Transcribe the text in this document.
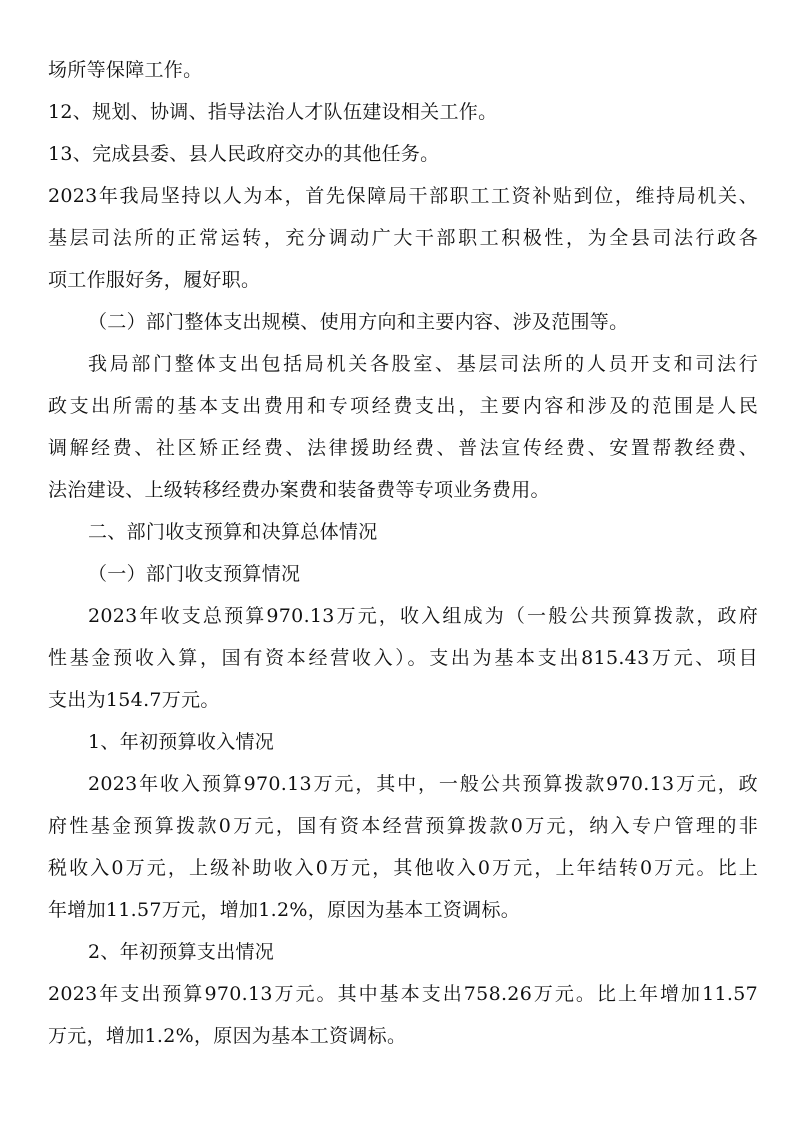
场所等保障工作。
12、规划、协调、指导法治人才队伍建设相关工作。
13、完成县委、县人民政府交办的其他任务。
2023年我局坚持以人为本，首先保障局干部职工工资补贴到位，维持局机关、
基层司法所的正常运转，充分调动广大干部职工积极性，为全县司法行政各
项工作服好务，履好职。
（二）部门整体支出规模、使用方向和主要内容、涉及范围等。
我局部门整体支出包括局机关各股室、基层司法所的人员开支和司法行
政支出所需的基本支出费用和专项经费支出，主要内容和涉及的范围是人民
调解经费、社区矫正经费、法律援助经费、普法宣传经费、安置帮教经费、
法治建设、上级转移经费办案费和装备费等专项业务费用。
二、部门收支预算和决算总体情况
（一）部门收支预算情况
2023年收支总预算970.13万元，收入组成为（一般公共预算拨款，政府
性基金预收入算，国有资本经营收入）。支出为基本支出815.43万元、项目
支出为154.7万元。
1、年初预算收入情况
2023年收入预算970.13万元，其中，一般公共预算拨款970.13万元，政
府性基金预算拨款0万元，国有资本经营预算拨款0万元，纳入专户管理的非
税收入0万元，上级补助收入0万元，其他收入0万元，上年结转0万元。比上
年增加11.57万元，增加1.2%，原因为基本工资调标。
2、年初预算支出情况
2023年支出预算970.13万元。其中基本支出758.26万元。比上年增加11.57
万元，增加1.2%，原因为基本工资调标。
